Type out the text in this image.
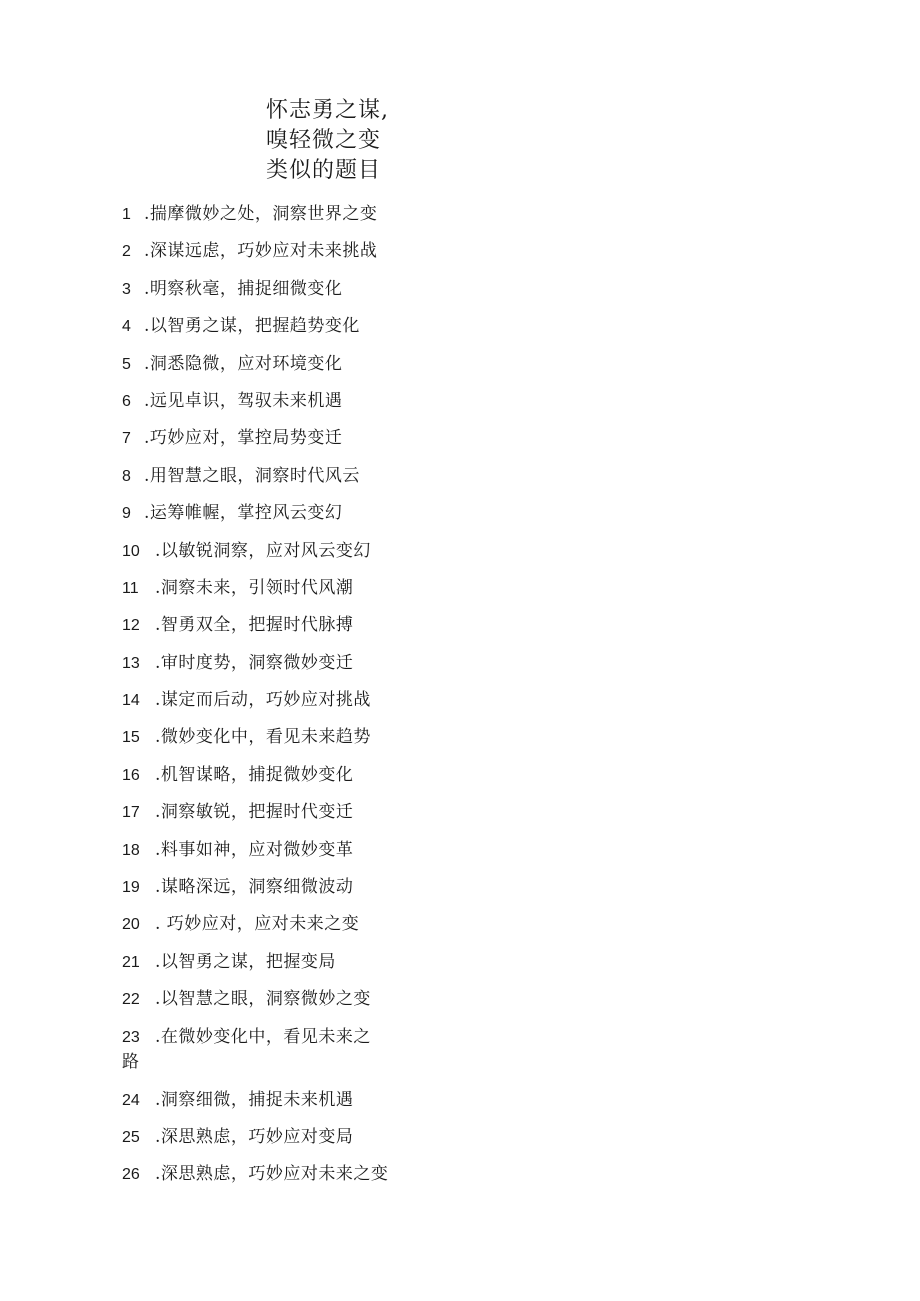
怀志勇之谋,
嗅轻微之变
类似的题目
1 .揣摩微妙之处，洞察世界之变
2 .深谋远虑，巧妙应对未来挑战
3 .明察秋毫，捕捉细微变化
4 .以智勇之谋，把握趋势变化
5 .洞悉隐微，应对环境变化
6 .远见卓识，驾驭未来机遇
7 .巧妙应对，掌控局势变迁
8 .用智慧之眼，洞察时代风云
9 .运筹帷幄，掌控风云变幻
10 .以敏锐洞察，应对风云变幻
11 .洞察未来，引领时代风潮
12 .智勇双全，把握时代脉搏
13 .审时度势，洞察微妙变迁
14 .谋定而后动，巧妙应对挑战
15 .微妙变化中，看见未来趋势
16 .机智谋略，捕捉微妙变化
17 .洞察敏锐，把握时代变迁
18 .料事如神，应对微妙变革
19 .谋略深远，洞察细微波动
20 . 巧妙应对，应对未来之变
21 .以智勇之谋，把握变局
22 .以智慧之眼，洞察微妙之变
23 .在微妙变化中，看见未来之路
24 .洞察细微，捕捉未来机遇
25 .深思熟虑，巧妙应对变局
26 .深思熟虑，巧妙应对未来之变
